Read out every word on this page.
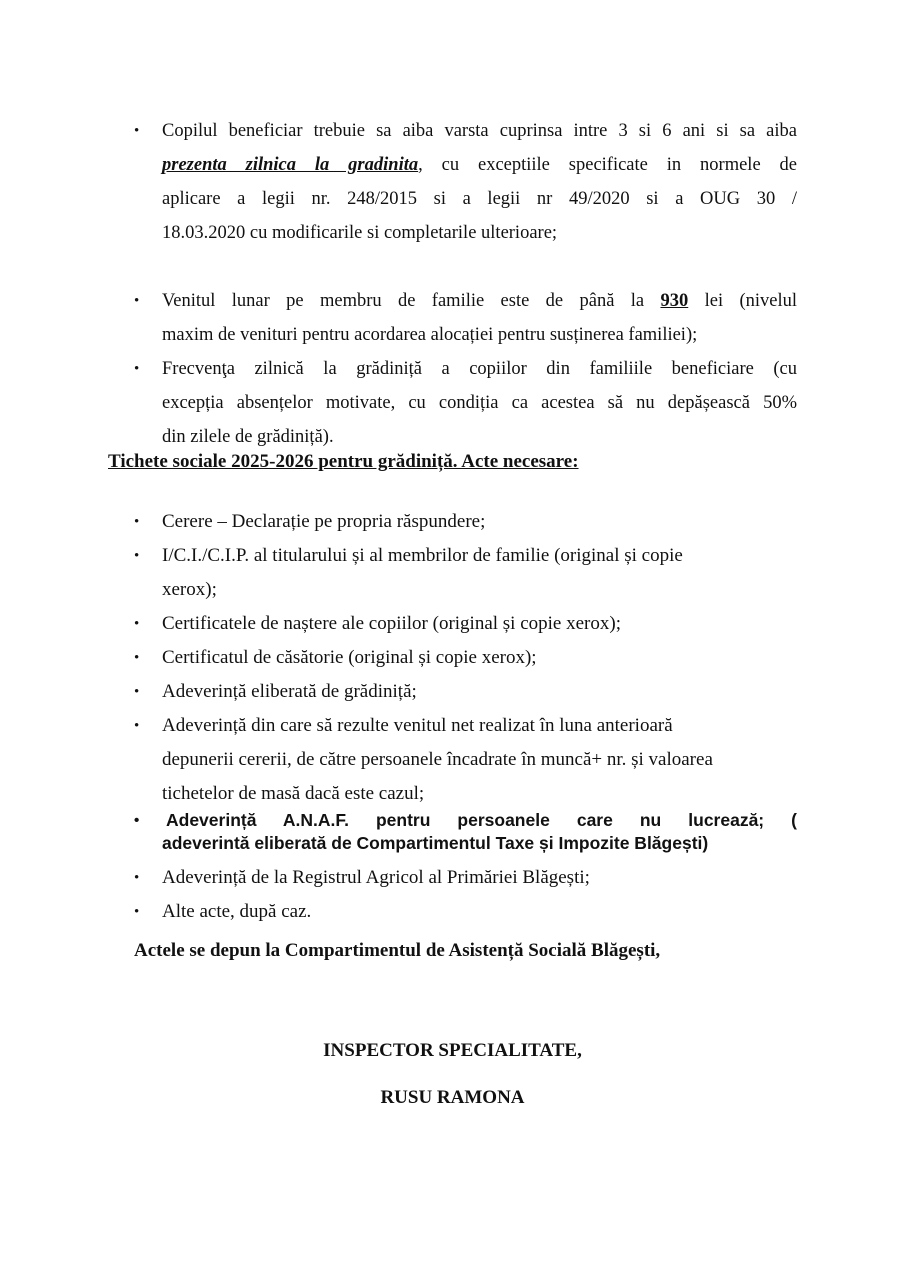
• Copilul beneficiar trebuie sa aiba varsta cuprinsa intre 3 si 6 ani si sa aiba
prezenta zilnica la gradinita, cu exceptiile specificate in normele de
aplicare a legii nr. 248/2015 si a legii nr 49/2020 si a OUG 30 /
18.03.2020 cu modificarile si completarile ulterioare;
• Venitul lunar pe membru de familie este de până la 930 lei (nivelul
maxim de venituri pentru acordarea alocației pentru susținerea familiei);
• Frecvenţa zilnică la grădiniță a copiilor din familiile beneficiare (cu
excepția absențelor motivate, cu condiția ca acestea să nu depășească 50%
din zilele de grădiniță).
Tichete sociale 2025-2026 pentru grădiniță. Acte necesare:
• Cerere – Declarație pe propria răspundere;
• I/C.I./C.I.P. al titularului și al membrilor de familie (original și copie
xerox);
• Certificatele de naștere ale copiilor (original și copie xerox);
• Certificatul de căsătorie (original și copie xerox);
• Adeverință eliberată de grădiniță;
• Adeverință din care să rezulte venitul net realizat în luna anterioară
depunerii cererii, de către persoanele încadrate în muncă+ nr. și valoarea
tichetelor de masă dacă este cazul;
• Adeverință A.N.A.F. pentru persoanele care nu lucrează; (
adeverintă eliberată de Compartimentul Taxe și Impozite Blăgești)
• Adeverință de la Registrul Agricol al Primăriei Blăgești;
• Alte acte, după caz.
Actele se depun la Compartimentul de Asistență Socială Blăgești,
INSPECTOR SPECIALITATE,
RUSU RAMONA
